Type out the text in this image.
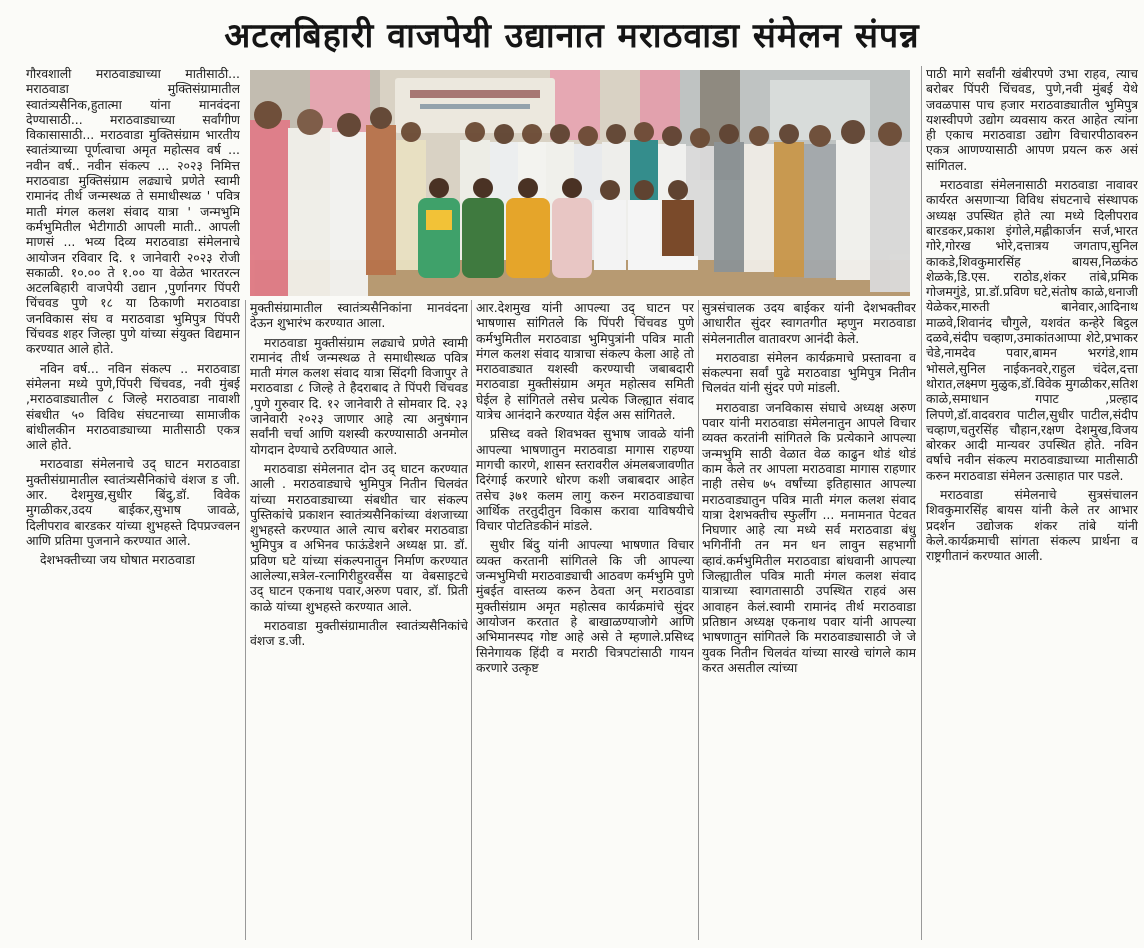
अटलबिहारी वाजपेयी उद्यानात मराठवाडा संमेलन संपन्न

गौरवशाली मराठवाड्याच्या मातीसाठी... मराठवाडा मुक्तिसंग्रामातील स्वातंत्र्यसैनिक,हुतात्मा यांना मानवंदना देण्यासाठी... मराठवाड्याच्या सर्वांगीण विकासासाठी... मराठवाडा मुक्तिसंग्राम भारतीय स्वातंत्र्याच्या पूर्णत्वाचा अमृत महोत्सव वर्ष ... नवीन वर्ष.. नवीन संकल्प ... २०२३ निमित्त मराठवाडा मुक्तिसंग्राम लढ्याचे प्रणेते स्वामी रामानंद तीर्थ जन्मस्थळ ते समाधीस्थळ ' पवित्र माती मंगल कलश संवाद यात्रा ' जन्मभुमि कर्मभुमितील भेटीगाठी आपली माती.. आपली माणसं ... भव्य दिव्य मराठवाडा संमेलनाचे आयोजन रविवार दि. १ जानेवारी २०२३ रोजी सकाळी. १०.०० ते १.०० या वेळेत भारतरत्न अटलबिहारी वाजपेयी उद्यान ,पुर्णानगर पिंपरी चिंचवड पुणे १८ या ठिकाणी मराठवाडा जनविकास संघ व मराठवाडा भुमिपुत्र पिंपरी चिंचवड शहर जिल्हा पुणे यांच्या संयुक्त विद्यमान करण्यात आले होते.

नविन वर्ष... नविन संकल्प .. मराठवाडा संमेलना मध्ये पुणे,पिंपरी चिंचवड, नवी मुंबई ,मराठवाड्यातील ८ जिल्हे मराठवाडा नावाशी संबधीत ५० विविध संघटनाच्या सामाजीक बांधीलकीन मराठवाड्याच्या मातीसाठी एकत्र आले होते.

मराठवाडा संमेलनाचे उद्‌ घाटन मराठवाडा मुक्तीसंग्रामातील स्वातंत्र्यसैनिकांचे वंशज ड जी. आर. देशमुख,सुधीर बिंदु,डॉ. विवेक मुगळीकर,उदय बाईकर,सुभाष जावळे, दिलीपराव बारडकर यांच्या शुभहस्ते दिपप्रज्वलन आणि प्रतिमा पुजनाने करण्यात आले.

देशभक्तीच्या जय घोषात मराठवाडा

मुक्तीसंग्रामातील स्वातंत्र्यसैनिकांना मानवंदना देऊन शुभारंभ करण्यात आला.

मराठवाडा मुक्तीसंग्राम लढ्याचे प्रणेते स्वामी रामानंद तीर्थ जन्मस्थळ ते समाधीस्थळ पवित्र माती मंगल कलश संवाद यात्रा सिंदगी विजापुर ते मराठवाडा ८ जिल्हे ते हैदराबाद ते पिंपरी चिंचवड ,पुणे गुरुवार दि. १२ जानेवारी ते सोमवार दि. २३ जानेवारी २०२३ जाणार आहे त्या अनुषंगान सर्वांनी चर्चा आणि यशस्वी करण्यासाठी अनमोल योगदान देण्याचे ठरविण्यात आले.

मराठवाडा संमेलनात दोन उद्‌ घाटन करण्यात आली . मराठवाड्याचे भुमिपुत्र नितीन चिलवंत यांच्या मराठवाड्याच्या संबधीत चार संकल्प पुस्तिकांचे प्रकाशन स्वातंत्र्यसैनिकांच्या वंशजाच्या शुभहस्ते करण्यात आले त्याच बरोबर मराठवाडा भुमिपुत्र व अभिनव फाऊंडेशने अध्यक्ष प्रा. डॉ. प्रविण घटे यांच्या संकल्पनातुन निर्माण करण्यात आलेल्या,सत्रेल-रत्नागिरीहुरवसैंस या वेबसाइटचे उद्‌ घाटन एकनाथ पवार,अरुण पवार, डॉ. प्रिती काळे यांच्या शुभहस्ते करण्यात आले.

मराठवाडा मुक्तीसंग्रामातील स्वातंत्र्यसैनिकांचे वंशज ड.जी.

आर.देशमुख यांनी आपल्या उद्‌ घाटन पर भाषणास सांगितले कि पिंपरी चिंचवड पुणे कर्मभुमितील मराठवाडा भुमिपुत्रांनी पवित्र माती मंगल कलश संवाद यात्राचा संकल्प केला आहे तो मराठवाड्यात यशस्वी करण्याची जबाबदारी मराठवाडा मुक्तीसंग्राम अमृत महोत्सव समिती घेईल हे सांगितले तसेच प्रत्येक जिल्ह्यात संवाद यात्रेच आनंदाने करण्यात येईल अस सांगितले.

प्रसिध्द वक्ते शिवभक्त सुभाष जावळे यांनी आपल्या भाषणातुन मराठवाडा मागास राहण्या मागची कारणे, शासन स्तरावरील अंमलबजावणीत दिरंगाई करणारे धोरण कशी जबाबदार आहेत तसेच ३७१ कलम लागु करुन मराठवाड्याचा आर्थिक तरतुदीतुन विकास करावा याविषयीचे विचार पोटतिडकीनं मांडले.

सुधीर बिंदु यांनी आपल्या भाषणात विचार व्यक्त करतानी सांगितले कि जी आपल्या जन्मभुमिची मराठवाड्याची आठवण कर्मभुमि पुणे मुंबईत वास्तव्य करुन ठेवता अन् मराठवाडा मुक्तीसंग्राम अमृत महोत्सव कार्यक्रमांचे सुंदर आयोजन करतात हे बाखाळण्याजोगे आणि अभिमानस्पद गोष्ट आहे असे ते म्हणाले.प्रसिध्द सिनेगायक हिंदी व मराठी चित्रपटांसाठी गायन करणारे उत्कृष्ट

सुत्रसंचालक उदय बाईकर यांनी देशभक्तीवर आधारीत सुंदर स्वागतगीत म्हणुन मराठवाडा संमेलनातील वातावरण आनंदी केले.

मराठवाडा संमेलन कार्यक्रमाचे प्रस्तावना व संकल्पना सर्वां पुढे मराठवाडा भुमिपुत्र नितीन चिलवंत यांनी सुंदर पणे मांडली.

मराठवाडा जनविकास संघाचे अध्यक्ष अरुण पवार यांनी मराठवाडा संमेलनातुन आपले विचार व्यक्त करतांनी सांगितले कि प्रत्येकाने आपल्या जन्मभुमि साठी वेळात वेळ काढुन थोडं थोडं काम केले तर आपला मराठवाडा मागास राहणार नाही तसेच ७५ वर्षांच्या इतिहासात आपल्या मराठवाड्यातुन पवित्र माती मंगल कलश संवाद यात्रा देशभक्तीच स्फुर्लींग ... मनामनात पेटवत निघणार आहे त्या मध्ये सर्व मराठवाडा बंधु भगिनींनी तन मन धन लावुन सहभागी व्हावं.कर्मभुमितील मराठवाडा बांधवानी आपल्या जिल्ह्यातील पवित्र माती मंगल कलश संवाद यात्राच्या स्वागतासाठी उपस्थित राहवं अस आवाहन केलं.स्वामी रामानंद तीर्थ मराठवाडा प्रतिष्ठान अध्यक्ष एकनाथ पवार यांनी आपल्या भाषणातुन सांगितले कि मराठवाड्यासाठी जे जे युवक नितीन चिलवंत यांच्या सारखे चांगले काम करत असतील त्यांच्या

पाठी मागे सर्वांनी खंबीरपणे उभा राहव, त्याच बरोबर पिंपरी चिंचवड, पुणे,नवी मुंबई येथे जवळपास पाच हजार मराठवाड्यातील भुमिपुत्र यशस्वीपणे उद्योग व्यवसाय करत आहेत त्यांना ही एकाच मराठवाडा उद्योग विचारपीठावरुन एकत्र आणण्यासाठी आपण प्रयत्न करु असं सांगितल.

मराठवाडा संमेलनासाठी मराठवाडा नावावर कार्यरत असणाऱ्या विविध संघटनाचे संस्थापक अध्यक्ष उपस्थित होते त्या मध्ये दिलीपराव बारडकर,प्रकाश इंगोले,मह्लीकार्जन सर्ज,भारत गोरे,गोरख भोरे,दत्तात्रय जगताप,सुनिल काकडे,शिवकुमारसिंह बायस,निळकंठ शेळके,डि.एस. राठोड,शंकर तांबे,प्रमिक गोजमगुंडे, प्रा.डॉ.प्रविण घटे,संतोष काळे,धनाजी येळेकर,मारुती बानेवार,आदिनाथ माळवे,शिवानंद चौगुले, यशवंत कन्हेरे बिट्ठल दळवे,संदीप चव्हाण,उमाकांतआप्पा शेटे,प्रभाकर चेडे,नामदेव पवार,बामन भरगंडे,शाम भोसले,सुनिल नाईकनवरे,राहुल चंदेल,दत्ता थोरात,लक्ष्मण मुळुक,डॉ.विवेक मुगळीकर,सतिश काळे,समाधान गपाट ,प्रल्हाद लिपणे,डॉ.वादवराव पाटील,सुधीर पाटील,संदीप चव्हाण,चतुरसिंह चौहान,रक्षण देशमुख,विजय बोरकर आदी मान्यवर उपस्थित होते. नविन वर्षाचे नवीन संकल्प मराठवाड्याच्या मातीसाठी करुन मराठवाडा संमेलन उत्साहात पार पडले.

मराठवाडा संमेलनाचे सुत्रसंचालन शिवकुमारसिंह बायस यांनी केले तर आभार प्रदर्शन उद्योजक शंकर तांबे यांनी केले.कार्यक्रमाची सांगता संकल्प प्रार्थना व राष्ट्रगीतानं करण्यात आली.
